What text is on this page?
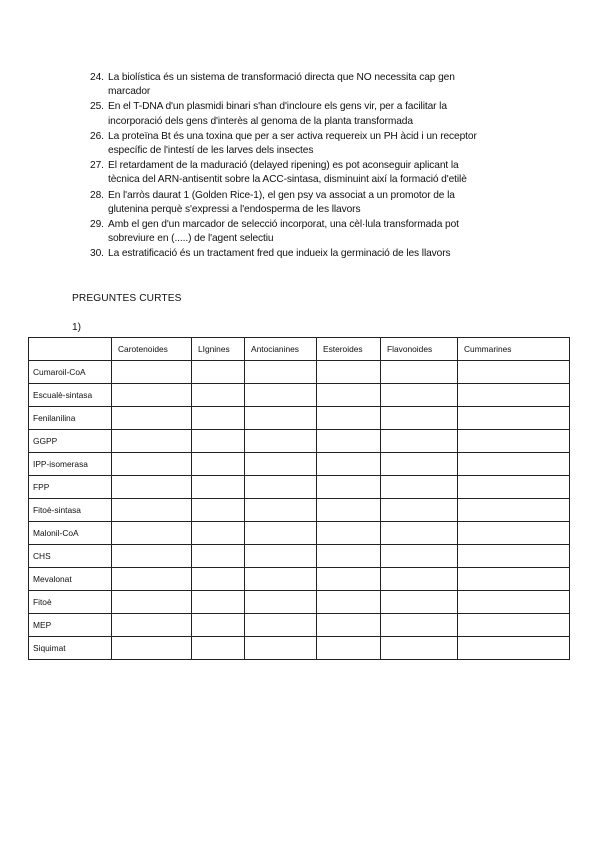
24. La biolística és un sistema de transformació directa que NO necessita cap gen
marcador
25. En el T-DNA d'un plasmidi binari s'han d'incloure els gens vir, per a facilitar la
incorporació dels gens d'interès al genoma de la planta transformada
26. La proteïna Bt és una toxina que per a ser activa requereix un PH àcid i un receptor
específic de l'intestí de les larves dels insectes
27. El retardament de la maduració (delayed ripening) es pot aconseguir aplicant la
tècnica del ARN-antisentit sobre la ACC-sintasa, disminuint així la formació d'etilè
28. En l'arròs daurat 1 (Golden Rice-1), el gen psy va associat a un promotor de la
glutenina perquè s'expressi a l'endosperma de les llavors
29. Amb el gen d'un marcador de selecció incorporat, una cèl·lula transformada pot
sobreviure en (.....) de l'agent selectiu
30. La estratificació és un tractament fred que indueix la germinació de les llavors
PREGUNTES CURTES
1)
	Carotenoides	LIgnines	Antocianines	Esteroides	Flavonoides	Cummarines
Cumaroil-CoA						
Escualè-sintasa						
Fenilanilina						
GGPP						
IPP-isomerasa						
FPP						
Fitoè-sintasa						
Malonil-CoA						
CHS						
Mevalonat						
Fitoè						
MEP						
Siquimat						
